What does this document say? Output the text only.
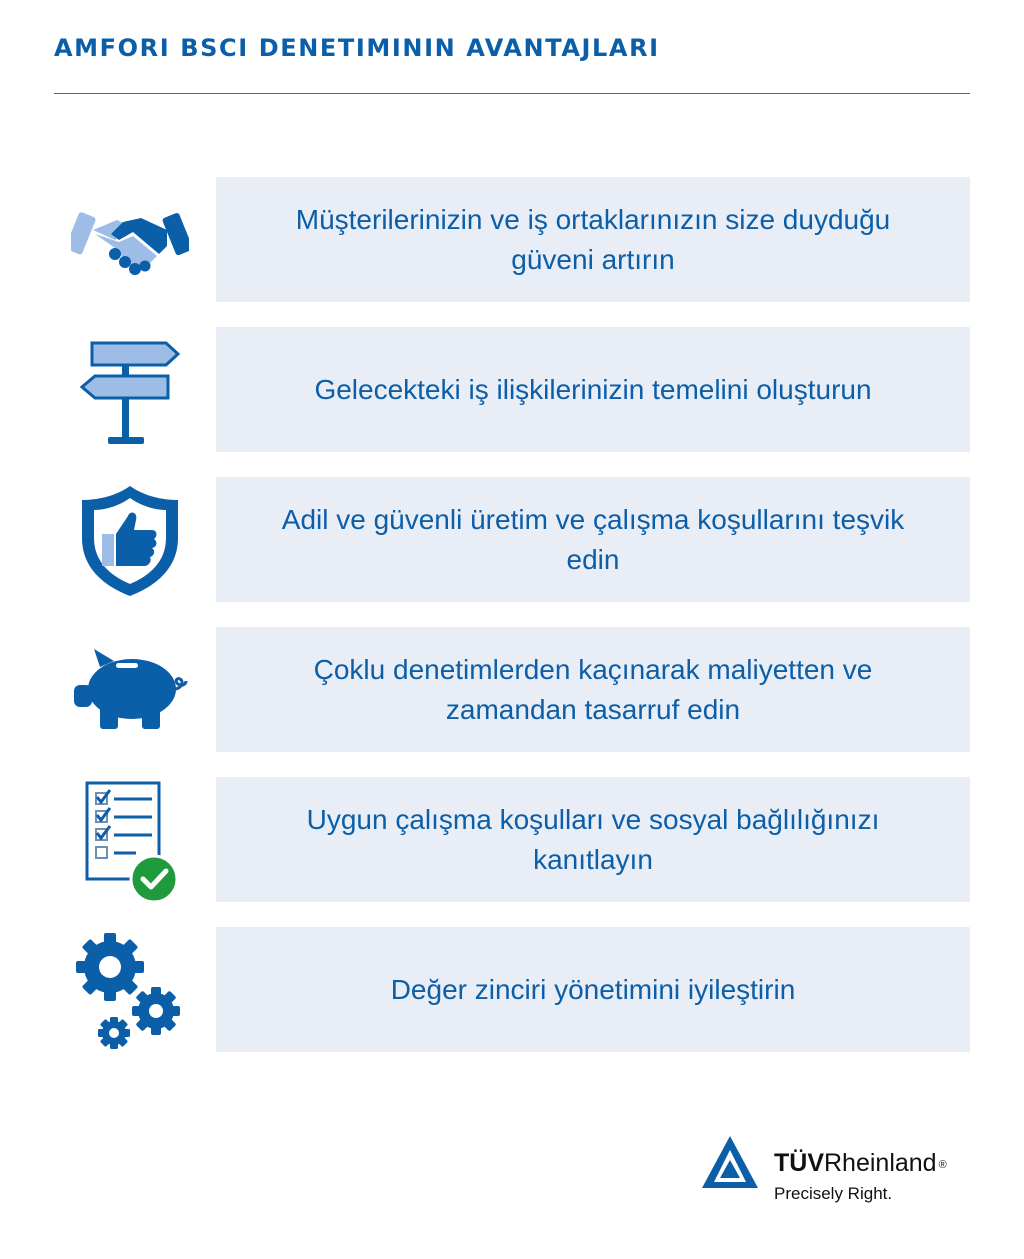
AMFORI BSCI DENETIMININ AVANTAJLARI
Müşterilerinizin ve iş ortaklarınızın size duyduğu güveni artırın
Gelecekteki iş ilişkilerinizin temelini oluşturun
Adil ve güvenli üretim ve çalışma koşullarını teşvik edin
Çoklu denetimlerden kaçınarak maliyetten ve zamandan tasarruf edin
Uygun çalışma koşulları ve sosyal bağlılığınızı kanıtlayın
Değer zinciri yönetimini iyileştirin
TÜVRheinland ®
Precisely Right.
